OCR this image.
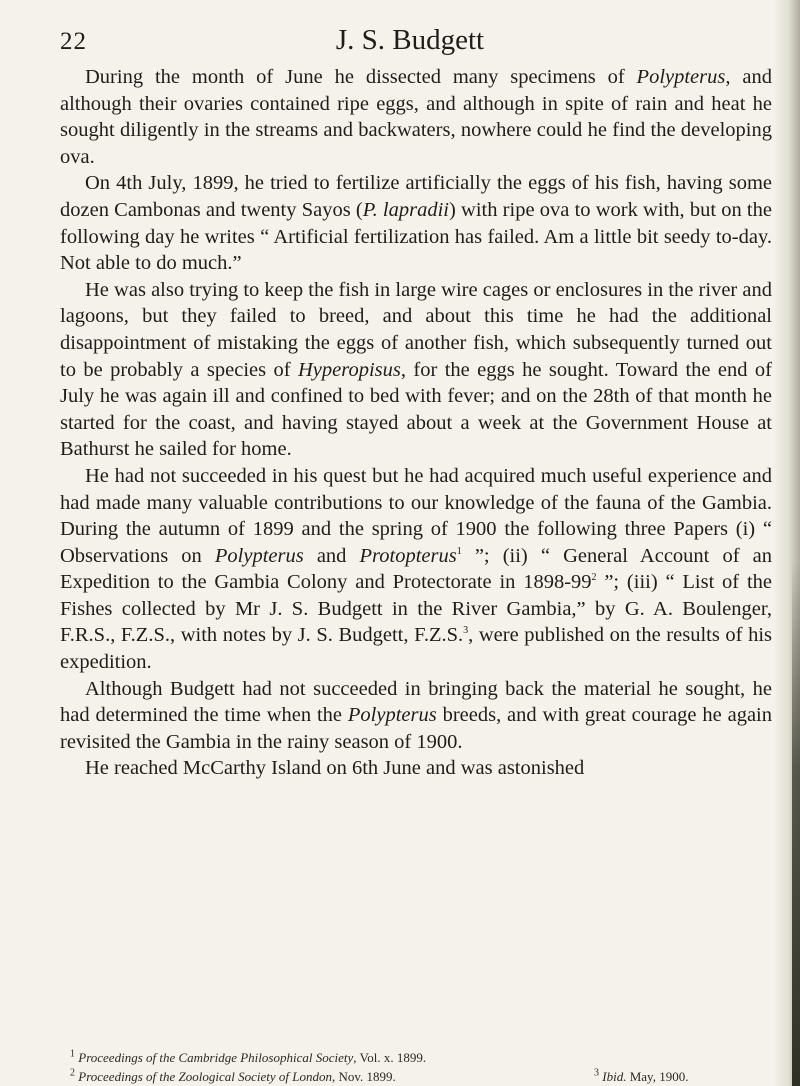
22	J. S. Budgett

During the month of June he dissected many specimens of Polypterus, and although their ovaries contained ripe eggs, and although in spite of rain and heat he sought diligently in the streams and backwaters, nowhere could he find the developing ova.

On 4th July, 1899, he tried to fertilize artificially the eggs of his fish, having some dozen Cambonas and twenty Sayos (P. lapradii) with ripe ova to work with, but on the following day he writes “ Artificial fertilization has failed. Am a little bit seedy to-day. Not able to do much.”

He was also trying to keep the fish in large wire cages or enclosures in the river and lagoons, but they failed to breed, and about this time he had the additional disappointment of mistaking the eggs of another fish, which subsequently turned out to be probably a species of Hyperopisus, for the eggs he sought. Toward the end of July he was again ill and confined to bed with fever; and on the 28th of that month he started for the coast, and having stayed about a week at the Government House at Bathurst he sailed for home.

He had not succeeded in his quest but he had acquired much useful experience and had made many valuable contributions to our knowledge of the fauna of the Gambia. During the autumn of 1899 and the spring of 1900 the following three Papers (i) “ Observations on Polypterus and Protopterus$^1$ ”; (ii) “ General Account of an Expedition to the Gambia Colony and Protectorate in $1898-99^2$ ”; (iii) “ List of the Fishes collected by Mr J. S. Budgett in the River Gambia,” by G. A. Boulenger, F.R.S., F.Z.S., with notes by J. S. Budgett, F.Z.S.$^3$, were published on the results of his expedition.

Although Budgett had not succeeded in bringing back the material he sought, he had determined the time when the Polypterus breeds, and with great courage he again revisited the Gambia in the rainy season of 1900.

He reached McCarthy Island on 6th June and was astonished

$^1$ Proceedings of the Cambridge Philosophical Society, Vol. x. 1899.

$^2$ Proceedings of the Zoological Society of London, Nov. 1899.	$^3$ Ibid. May, 1900.
